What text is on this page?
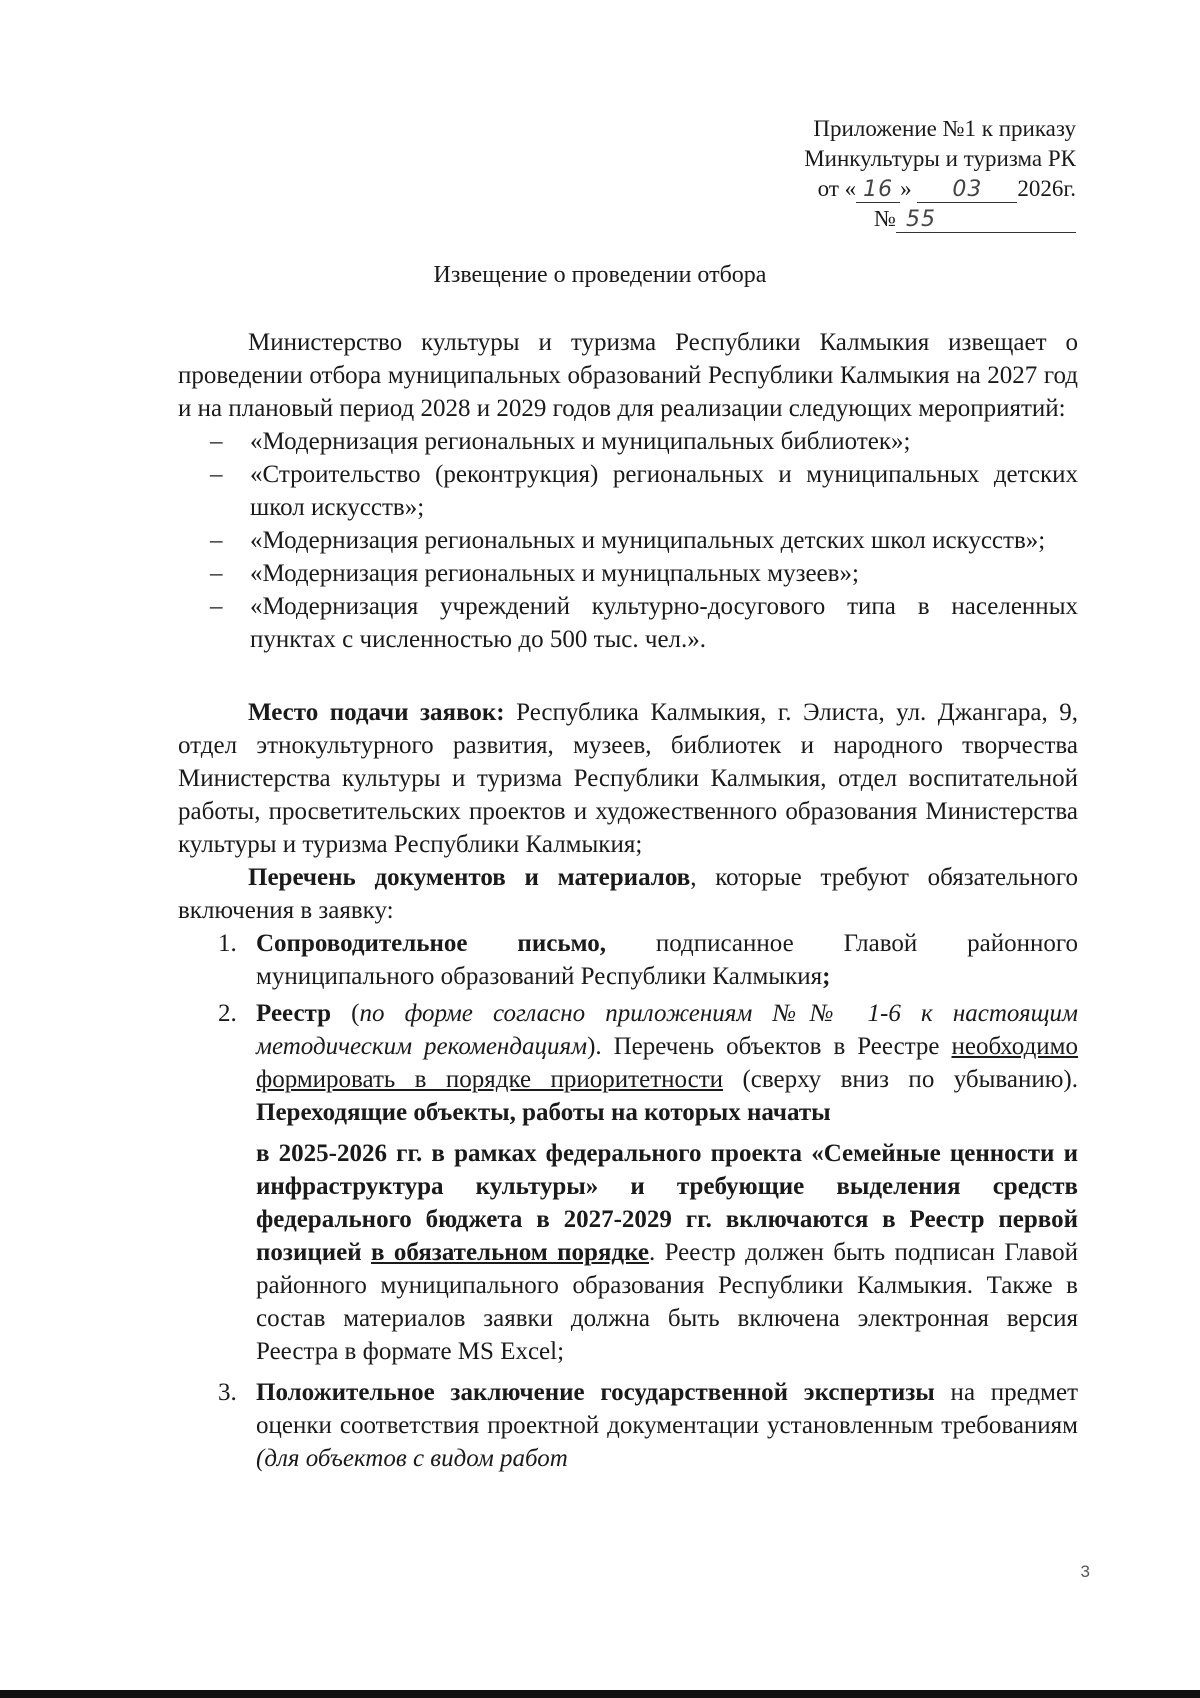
Приложение №1 к приказу
Минкультуры и туризма РК
от « 16 » 03 2026г.
№ 55
Извещение о проведении отбора

Министерство культуры и туризма Республики Калмыкия извещает о проведении отбора муниципальных образований Республики Калмыкия на 2027 год и на плановый период 2028 и 2029 годов для реализации следующих мероприятий:

– «Модернизация региональных и муниципальных библиотек»;
– «Строительство (реконтрукция) региональных и муниципальных детских школ искусств»;
– «Модернизация региональных и муниципальных детских школ искусств»;
– «Модернизация региональных и муницпальных музеев»;
– «Модернизация учреждений культурно-досугового типа в населенных пунктах с численностью до 500 тыс. чел.».

Место подачи заявок: Республика Калмыкия, г. Элиста, ул. Джангара, 9, отдел этнокультурного развития, музеев, библиотек и народного творчества Министерства культуры и туризма Республики Калмыкия, отдел воспитательной работы, просветительских проектов и художественного образования Министерства культуры и туризма Республики Калмыкия;

Перечень документов и материалов, которые требуют обязательного включения в заявку:

1. Сопроводительное письмо, подписанное Главой районного муниципального образований Республики Калмыкия;
2. Реестр (по форме согласно приложениям №№ 1-6 к настоящим методическим рекомендациям). Перечень объектов в Реестре необходимо формировать в порядке приоритетности (сверху вниз по убыванию). Переходящие объекты, работы на которых начаты
в 2025-2026 гг. в рамках федерального проекта «Семейные ценности и инфраструктура культуры» и требующие выделения средств федерального бюджета в 2027-2029 гг. включаются в Реестр первой позицией в обязательном порядке. Реестр должен быть подписан Главой районного муниципального образования Республики Калмыкия. Также в состав материалов заявки должна быть включена электронная версия Реестра в формате MS Excel;
3. Положительное заключение государственной экспертизы на предмет оценки соответствия проектной документации установленным требованиям (для объектов с видом работ
3
